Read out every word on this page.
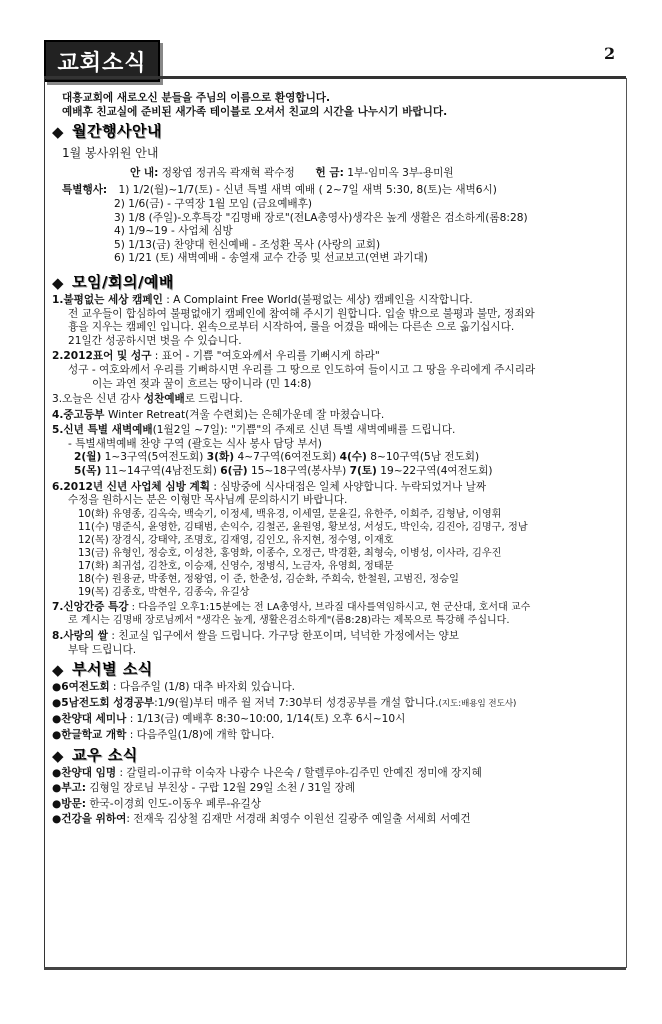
교회소식	2
대흥교회에 새로오신 분들을 주님의 이름으로 환영합니다.
예배후 친교실에 준비된 새가족 테이블로 오셔서 친교의 시간을 나누시기 바랍니다.
◆ 월간행사안내
1월 봉사위원 안내
안 내: 정왕엽 정귀옥 곽재혁 곽수정 헌 금: 1부-임미옥 3부-용미원
특별행사: 1) 1/2(월)~1/7(토) - 신년 특별 새벽 예배 ( 2~7일 새벽 5:30, 8(토)는 새벽6시)
2) 1/6(금) - 구역장 1월 모임 (금요예배후)
3) 1/8 (주일)-오후특강 "김명배 장로"(전LA총영사)생각은 높게 생활은 검소하게(롬8:28)
4) 1/9~19 - 사업체 심방
5) 1/13(금) 찬양대 헌신예배 - 조성환 목사 (사랑의 교회)
6) 1/21 (토) 새벽예배 - 송열재 교수 간증 및 선교보고(연변 과기대)
◆ 모임/회의/예배
1.불평없는 세상 캠페인 : A Complaint Free World(불평없는 세상) 캠페인을 시작합니다.
전 교우들이 합심하여 불평없애기 캠페인에 참여해 주시기 원합니다. 입술 밖으로 불평과 불만, 정죄와
흉을 지우는 캠페인 입니다. 왼속으로부터 시작하여, 룰을 어겼을 때에는 다른손 으로 옮기십시다.
21일간 성공하시면 벗을 수 있습니다.
2.2012표어 및 성구 : 표어 - 기쁨 "여호와께서 우리를 기뻐시게 하라"
성구 - 여호와께서 우리를 기뻐하시면 우리를 그 땅으로 인도하여 들이시고 그 땅을 우리에게 주시리라
이는 과연 젖과 꿀이 흐르는 땅이니라 (민 14:8)
3.오늘은 신년 감사 성찬예배로 드립니다.
4.중고등부 Winter Retreat(겨울 수련회)는 은혜가운데 잘 마쳤습니다.
5.신년 특별 새벽예배(1월2일 ~7일): "기쁨"의 주제로 신년 특별 새벽예배를 드립니다.
- 특별새벽예배 찬양 구역 (괄호는 식사 봉사 담당 부서)
2(월) 1~3구역(5여전도회) 3(화) 4~7구역(6여전도회) 4(수) 8~10구역(5남 전도회)
5(목) 11~14구역(4남전도회) 6(금) 15~18구역(봉사부) 7(토) 19~22구역(4여전도회)
6.2012년 신년 사업체 심방 계획 : 심방중에 식사대접은 일체 사양합니다. 누락되었거나 날짜
수정을 원하시는 분은 이형만 목사님께 문의하시기 바랍니다.
10(화) 유영종, 김옥숙, 백숙기, 이정세, 백유경, 이세열, 문윤길, 유한주, 이희주, 김형남, 이영휘
11(수) 명준식, 윤영한, 김태범, 손익수, 김철곤, 윤원영, 황보성, 서성도, 박인숙, 김진아, 김명구, 정남
12(목) 장경식, 강태약, 조명호, 김재영, 김인오, 유지현, 정수영, 이재호
13(금) 유형인, 정승호, 이성찬, 홍영화, 이종수, 오정근, 박경환, 최형숙, 이병성, 이사라, 김우진
17(화) 최귀섭, 김찬호, 이승재, 신영수, 정병식, 노금자, 유영희, 정태문
18(수) 원용균, 박종현, 정왕엽, 이 준, 한춘성, 김순화, 주희숙, 한철원, 고범진, 정승일
19(목) 김종호, 박현우, 김종숙, 유길상
7.신앙간증 특강 : 다음주일 오후1:15분에는 전 LA총영사, 브라질 대사를역임하시고, 현 군산대, 호서대 교수
로 계시는 김명배 장로님께서 "생각은 높게, 생활은검소하게"(롬8:28)라는 제목으로 특강해 주십니다.
8.사랑의 쌀 : 친교실 입구에서 쌀을 드립니다. 가구당 한포이며, 넉넉한 가정에서는 양보
부탁 드립니다.
◆ 부서별 소식
●6여전도회 : 다음주일 (1/8) 대추 바자회 있습니다.
●5남전도회 성경공부:1/9(월)부터 매주 월 저녁 7:30부터 성경공부를 개설 합니다.(지도:배용임 전도사)
●찬양대 세미나 : 1/13(금) 예배후 8:30~10:00, 1/14(토) 오후 6시~10시
●한글학교 개학 : 다음주일(1/8)에 개학 합니다.
◆ 교우 소식
●찬양대 임명 : 갈릴리-이규학 이숙자 나광수 나은숙 / 할렐루야-김주민 안예진 정미애 장지혜
●부고: 김형일 장로님 부친상 - 구랍 12월 29일 소천 / 31일 장례
●방문: 한국-이경희 인도-이동우 페루-유길상
●건강을 위하여: 전재욱 김상철 김재만 서경래 최영수 이원선 길광주 예일출 서세희 서예건
